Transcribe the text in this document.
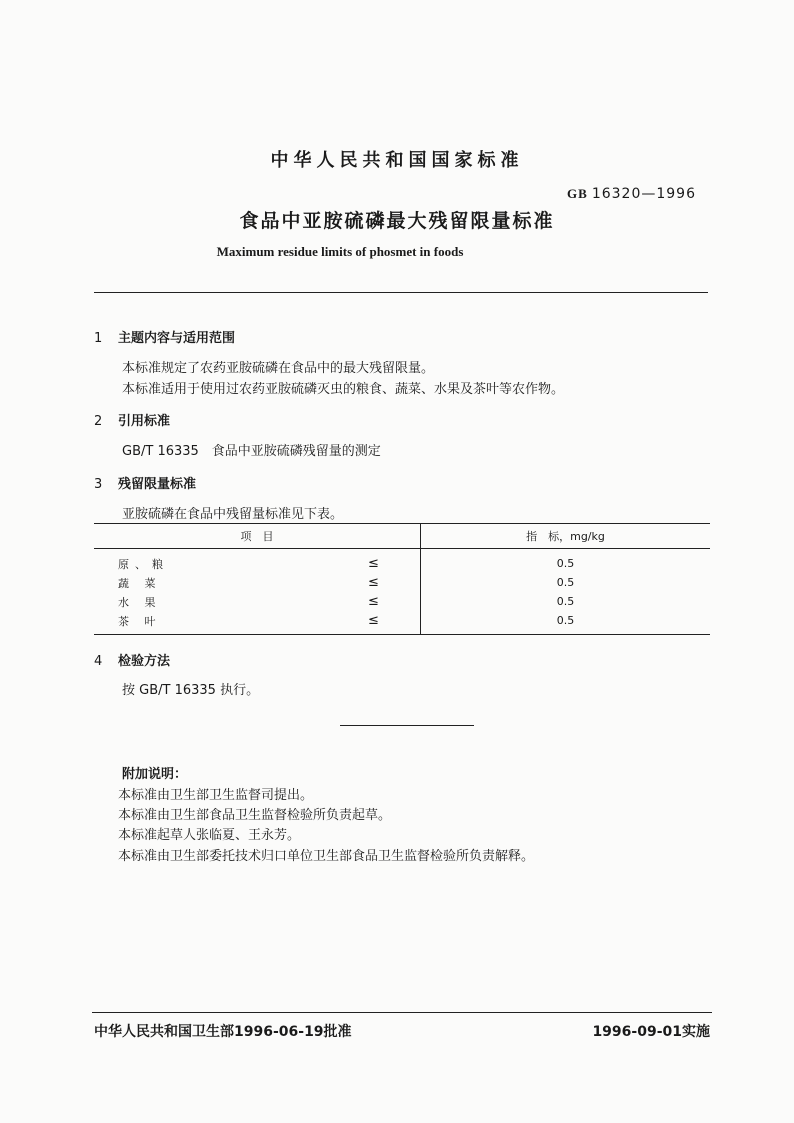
中华人民共和国国家标准
GB 16320—1996
食品中亚胺硫磷最大残留限量标准
Maximum residue limits of phosmet in foods
1 主题内容与适用范围
本标准规定了农药亚胺硫磷在食品中的最大残留限量。
本标准适用于使用过农药亚胺硫磷灭虫的粮食、蔬菜、水果及茶叶等农作物。
2 引用标准
GB/T 16335　食品中亚胺硫磷残留量的测定
3 残留限量标准
亚胺硫磷在食品中残留量标准见下表。
项　目		指　标，mg/kg
原、粮	≤	0.5
蔬 菜	≤	0.5
水 果	≤	0.5
茶 叶	≤	0.5
4 检验方法
按 GB/T 16335 执行。
附加说明：
本标准由卫生部卫生监督司提出。
本标准由卫生部食品卫生监督检验所负责起草。
本标准起草人张临夏、王永芳。
本标准由卫生部委托技术归口单位卫生部食品卫生监督检验所负责解释。
中华人民共和国卫生部1996-06-19批准	1996-09-01实施
